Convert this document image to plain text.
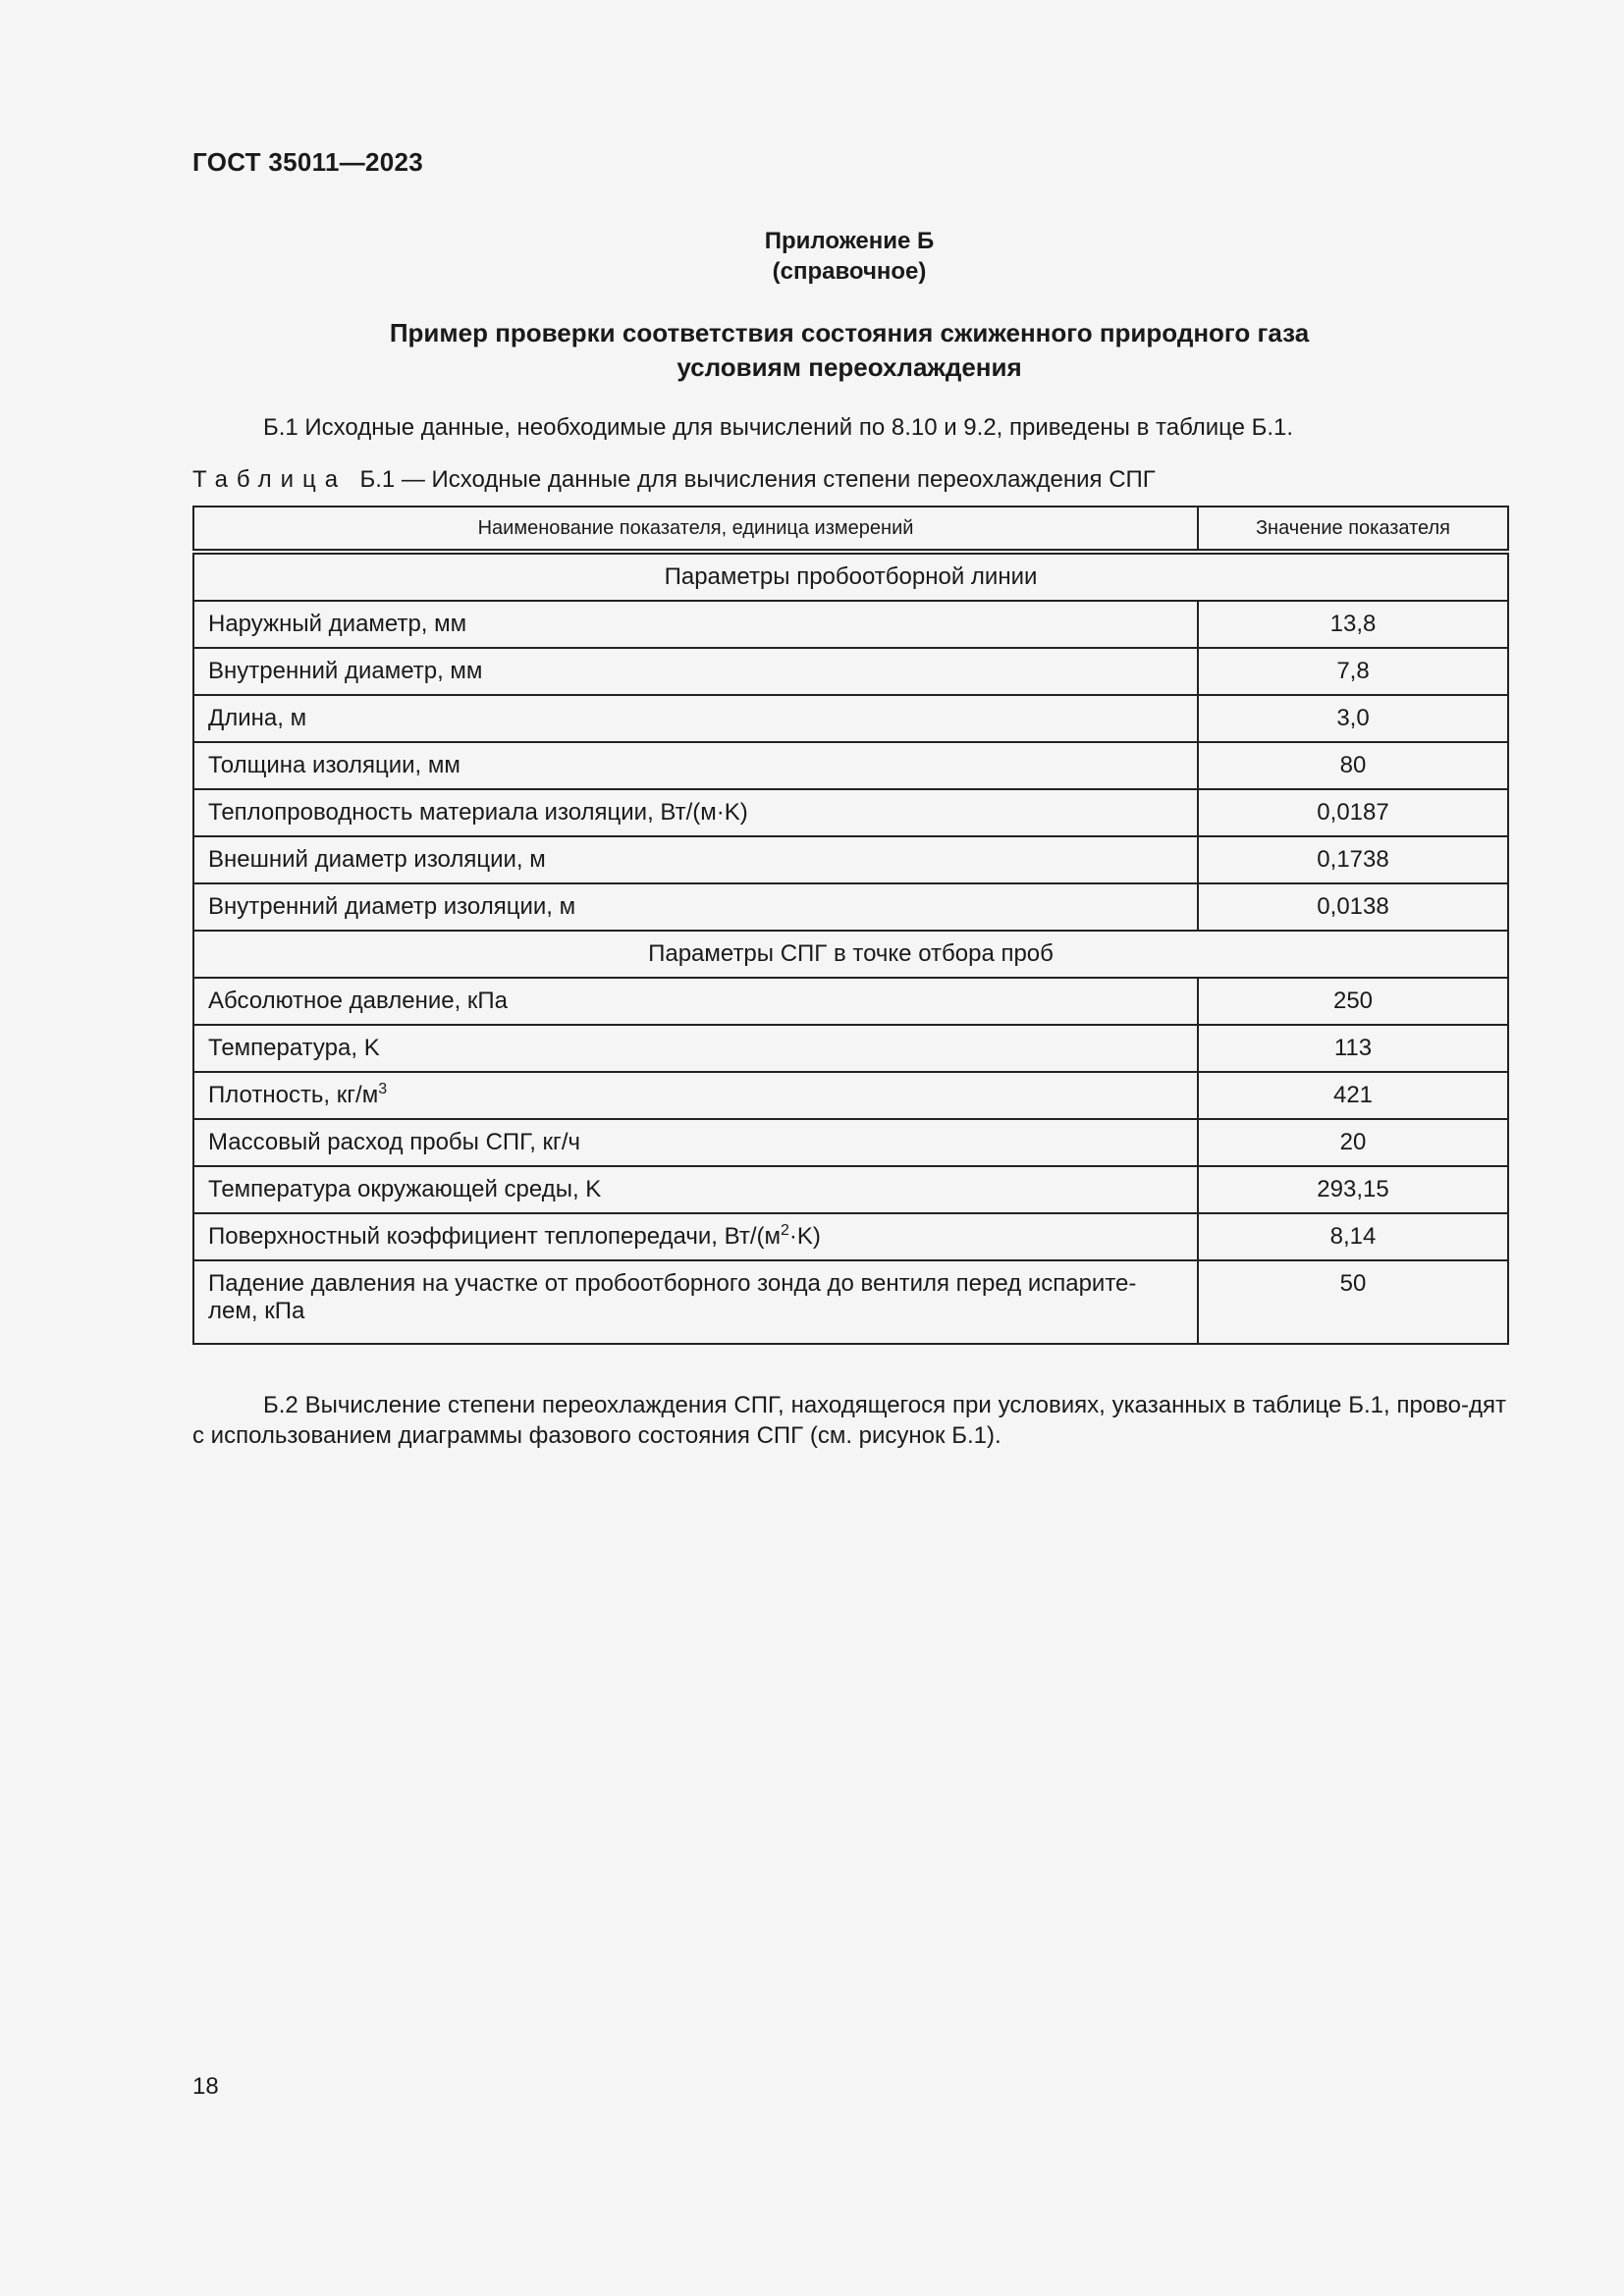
ГОСТ 35011—2023
Приложение Б
(справочное)
Пример проверки соответствия состояния сжиженного природного газа
условиям переохлаждения
Б.1 Исходные данные, необходимые для вычислений по 8.10 и 9.2, приведены в таблице Б.1.
Таблица Б.1 — Исходные данные для вычисления степени переохлаждения СПГ
Наименование показателя, единица измерений	Значение показателя
Параметры пробоотборной линии	
Наружный диаметр, мм	13,8
Внутренний диаметр, мм	7,8
Длина, м	3,0
Толщина изоляции, мм	80
Теплопроводность материала изоляции, Вт/(м·K)	0,0187
Внешний диаметр изоляции, м	0,1738
Внутренний диаметр изоляции, м	0,0138
Параметры СПГ в точке отбора проб	
Абсолютное давление, кПа	250
Температура, K	113
Плотность, $кг/м^3$	421
Массовый расход пробы СПГ, кг/ч	20
Температура окружающей среды, K	293,15
Поверхностный коэффициент теплопередачи, $Вт/(м^2\cdot K)$	8,14
Падение давления на участке от пробоотборного зонда до вентиля перед испарите-лем, кПа	50
Б.2 Вычисление степени переохлаждения СПГ, находящегося при условиях, указанных в таблице Б.1, прово-дят с использованием диаграммы фазового состояния СПГ (см. рисунок Б.1).
18
